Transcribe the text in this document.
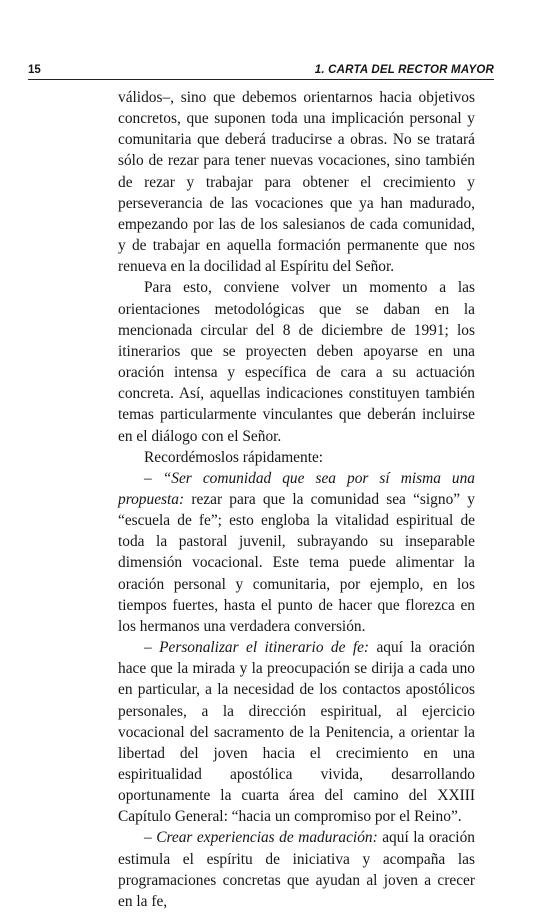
15	1. CARTA DEL RECTOR MAYOR

válidos–, sino que debemos orientarnos hacia objetivos concretos, que suponen toda una implicación personal y comunitaria que deberá traducirse a obras. No se tratará sólo de rezar para tener nuevas vocaciones, sino también de rezar y trabajar para obtener el crecimiento y perseverancia de las vocaciones que ya han madurado, empezando por las de los salesianos de cada comunidad, y de trabajar en aquella formación permanente que nos renueva en la docilidad al Espíritu del Señor.

Para esto, conviene volver un momento a las orientaciones metodológicas que se daban en la mencionada circular del 8 de diciembre de 1991; los itinerarios que se proyecten deben apoyarse en una oración intensa y específica de cara a su actuación concreta. Así, aquellas indicaciones constituyen también temas particularmente vinculantes que deberán incluirse en el diálogo con el Señor.

Recordémoslos rápidamente:

– “Ser comunidad que sea por sí misma una propuesta: rezar para que la comunidad sea “signo” y “escuela de fe”; esto engloba la vitalidad espiritual de toda la pastoral juvenil, subrayando su inseparable dimensión vocacional. Este tema puede alimentar la oración personal y comunitaria, por ejemplo, en los tiempos fuertes, hasta el punto de hacer que florezca en los hermanos una verdadera conversión.

– Personalizar el itinerario de fe: aquí la oración hace que la mirada y la preocupación se dirija a cada uno en particular, a la necesidad de los contactos apostólicos personales, a la dirección espiritual, al ejercicio vocacional del sacramento de la Penitencia, a orientar la libertad del joven hacia el crecimiento en una espiritualidad apostólica vivida, desarrollando oportunamente la cuarta área del camino del XXIII Capítulo General: “hacia un compromiso por el Reino”.

– Crear experiencias de maduración: aquí la oración estimula el espíritu de iniciativa y acompaña las programaciones concretas que ayudan al joven a crecer en la fe,
